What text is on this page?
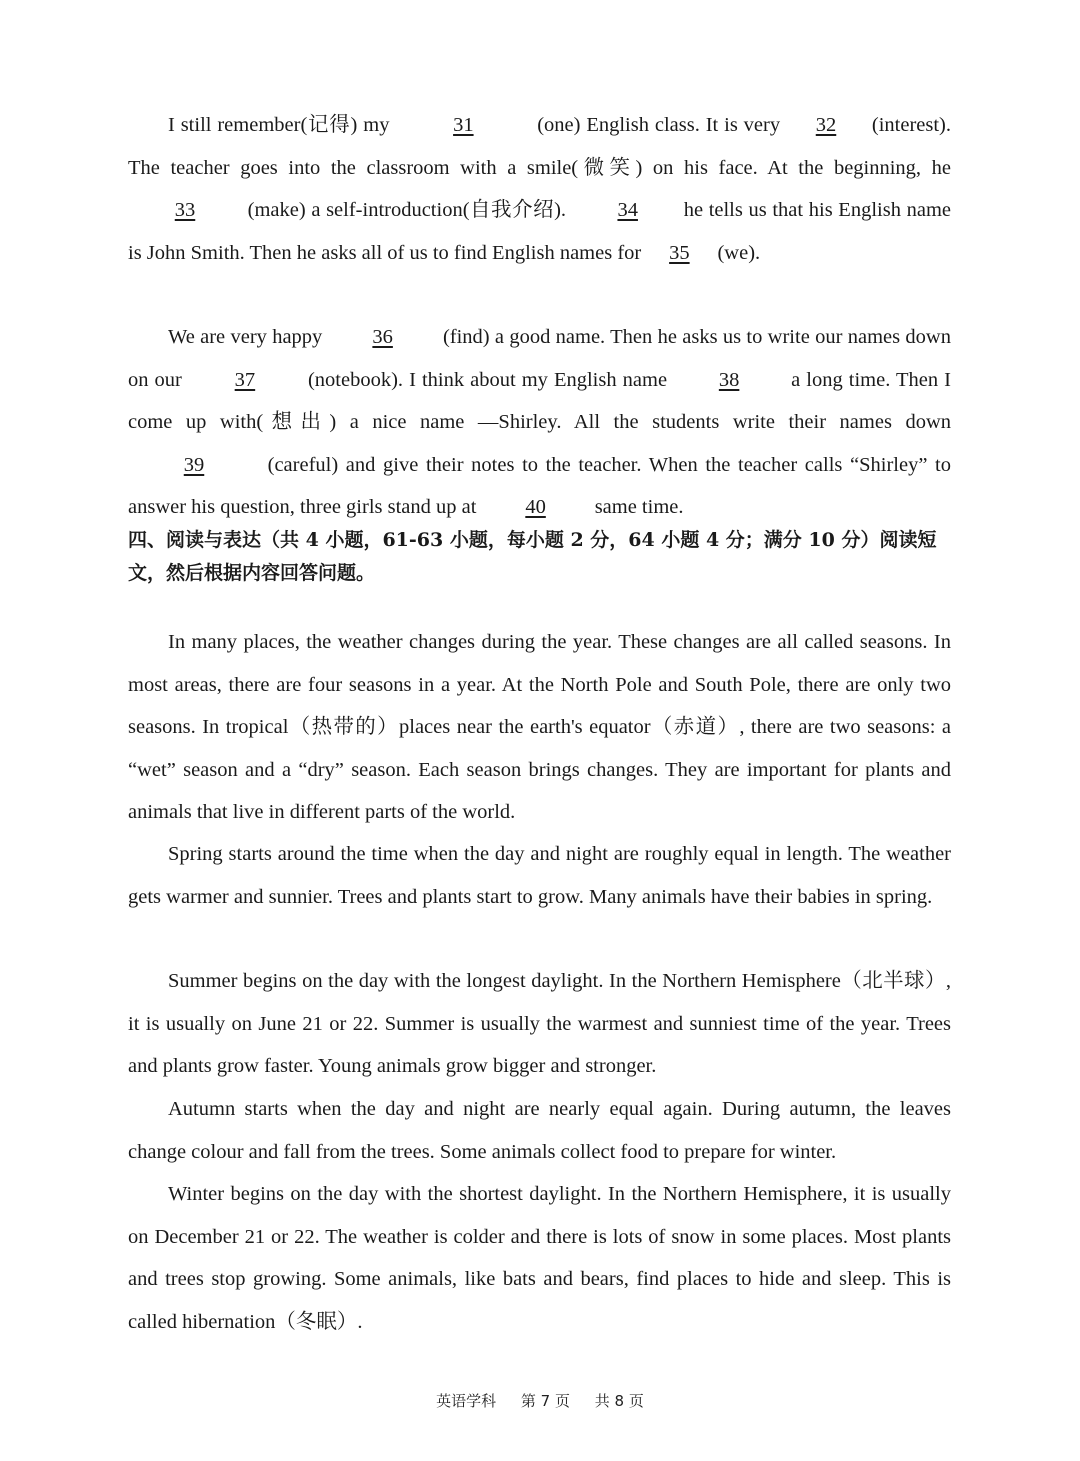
I still remember(记得) my	31	(one) English class. It is very 32 (interest). The teacher goes into the classroom with a smile(微笑) on his face. At the beginning, he 33 (make) a self-introduction(自我介绍). 34 he tells us that his English name is John Smith. Then he asks all of us to find English names for 35 (we).

We are very happy 36 (find) a good name. Then he asks us to write our names down on our 37 (notebook). I think about my English name 38 a long time. Then I come up with(想出) a nice name —Shirley. All the students write their names down 39	(careful) and give their notes to the teacher. When the teacher calls “Shirley” to answer his question, three girls stand up at 40 same time.

四、阅读与表达（共 4 小题，61-63 小题，每小题 2 分，64 小题 4 分；满分 10 分）阅读短文，然后根据内容回答问题。

In many places, the weather changes during the year. These changes are all called seasons. In most areas, there are four seasons in a year. At the North Pole and South Pole, there are only two seasons. In tropical（热带的）places near the earth's equator（赤道）, there are two seasons: a “wet” season and a “dry” season. Each season brings changes. They are important for plants and animals that live in different parts of the world.

Spring starts around the time when the day and night are roughly equal in length. The weather gets warmer and sunnier. Trees and plants start to grow. Many animals have their babies in spring.

Summer begins on the day with the longest daylight. In the Northern Hemisphere（北半球）, it is usually on June 21 or 22. Summer is usually the warmest and sunniest time of the year. Trees and plants grow faster. Young animals grow bigger and stronger.

Autumn starts when the day and night are nearly equal again. During autumn, the leaves change colour and fall from the trees. Some animals collect food to prepare for winter.

Winter begins on the day with the shortest daylight. In the Northern Hemisphere, it is usually on December 21 or 22. The weather is colder and there is lots of snow in some places. Most plants and trees stop growing. Some animals, like bats and bears, find places to hide and sleep. This is called hibernation（冬眠）.

英语学科 第 7 页 共 8 页
